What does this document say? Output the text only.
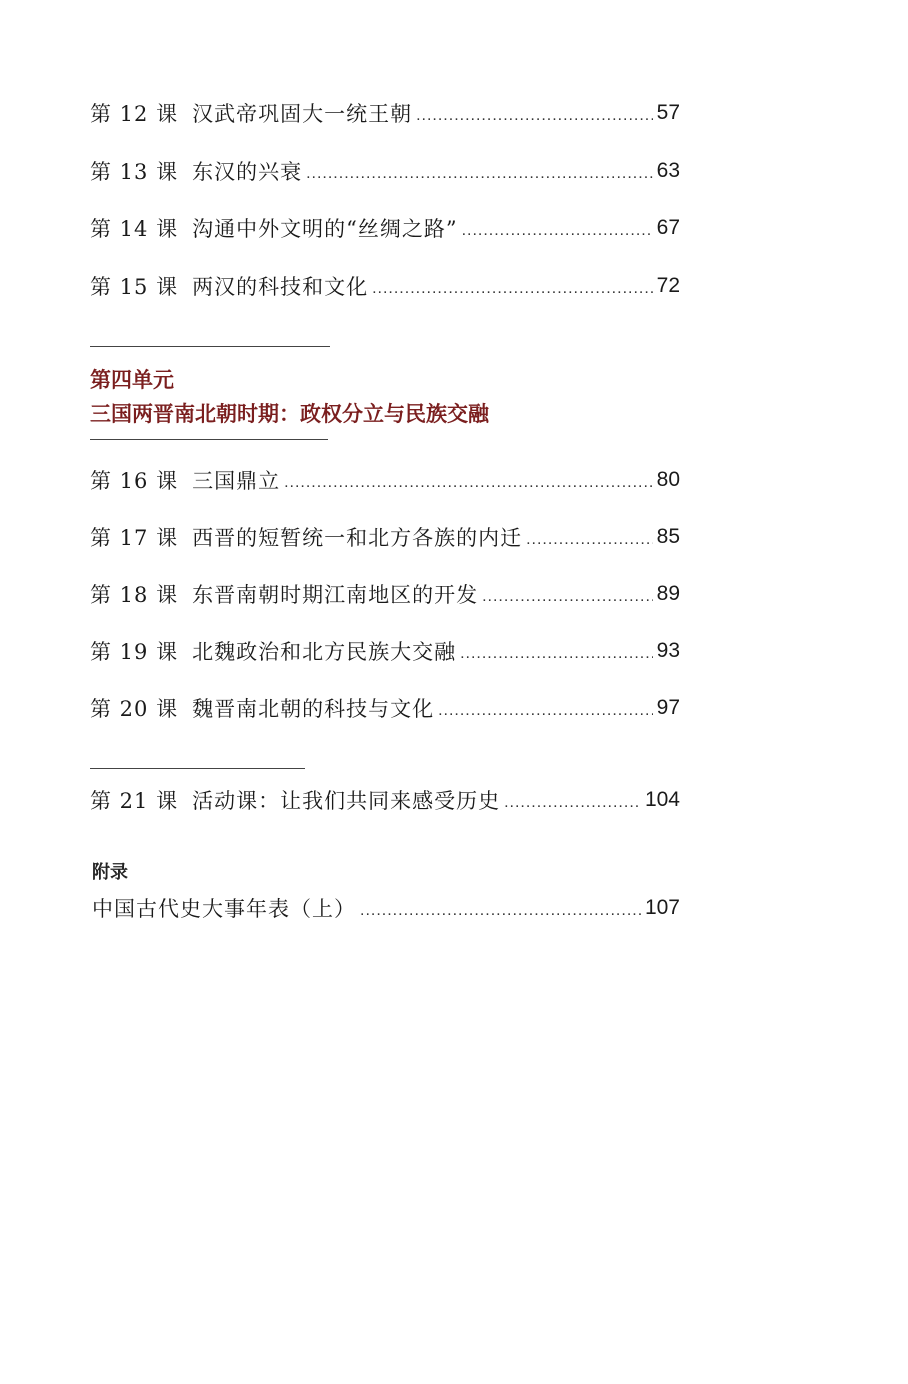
第 12 课 汉武帝巩固大一统王朝 .....	57
第 13 课 东汉的兴衰 .....	63
第 14 课 沟通中外文明的“丝绸之路” .....	67
第 15 课 两汉的科技和文化 .....	72
第四单元
三国两晋南北朝时期：政权分立与民族交融
第 16 课 三国鼎立 .....	80
第 17 课 西晋的短暂统一和北方各族的内迁 .....	85
第 18 课 东晋南朝时期江南地区的开发 .....	89
第 19 课 北魏政治和北方民族大交融 .....	93
第 20 课 魏晋南北朝的科技与文化 .....	97
第 21 课 活动课：让我们共同来感受历史 .....	104
附录
中国古代史大事年表（上） .....	107
